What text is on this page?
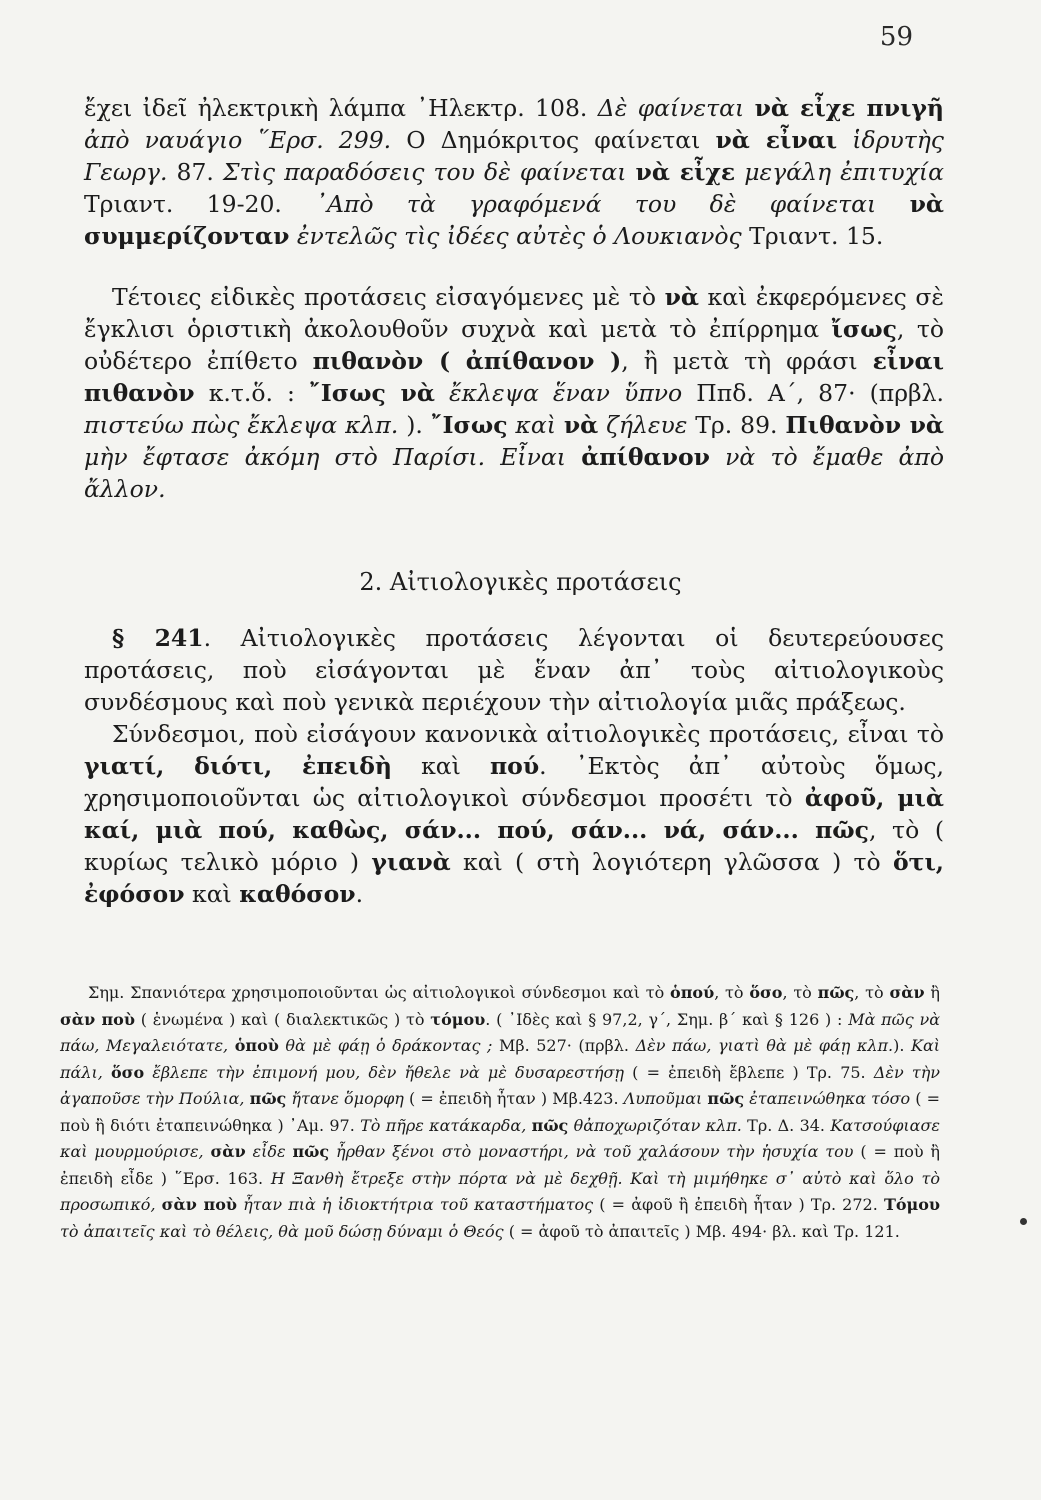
59

ἔχει ἰδεῖ ἠλεκτρικὴ λάμπα ᾿Ηλεκτρ. 108. Δὲ φαίνεται νὰ εἶχε πνιγῆ ἀπὸ ναυάγιο ῞Ερσ. 299. Ο Δημόκριτος φαίνεται νὰ εἶναι ἱδρυτὴς Γεωργ. 87. Στὶς παραδόσεις του δὲ φαίνεται νὰ εἶχε μεγάλη ἐπιτυχία Τριαντ. 19-20. ᾿Απὸ τὰ γραφόμενά του δὲ φαίνεται νὰ συμμερίζονταν ἐντελῶς τὶς ἰδέες αὐτὲς ὁ Λουκιανὸς Τριαντ. 15.

Τέτοιες εἰδικὲς προτάσεις εἰσαγόμενες μὲ τὸ νὰ καὶ ἐκφερόμενες σὲ ἔγκλισι ὁριστικὴ ἀκολουθοῦν συχνὰ καὶ μετὰ τὸ ἐπίρρημα ἴσως, τὸ οὐδέτερο ἐπίθετο πιθανὸν ( ἀπίθανον ), ἢ μετὰ τὴ φράσι εἶναι πιθανὸν κ.τ.ὅ. : ῎Ισως νὰ ἔκλεψα ἕναν ὕπνο Ππδ. Α΄, 87· (πρβλ. πιστεύω πὼς ἔκλεψα κλπ. ). ῎Ισως καὶ νὰ ζήλευε Τρ. 89. Πιθανὸν νὰ μὴν ἔφτασε ἀκόμη στὸ Παρίσι. Εἶναι ἀπίθανον νὰ τὸ ἔμαθε ἀπὸ ἄλλον.

2. Αἰτιολογικὲς προτάσεις

§ 241. Αἰτιολογικὲς προτάσεις λέγονται οἱ δευτερεύουσες προτάσεις, ποὺ εἰσάγονται μὲ ἕναν ἀπ᾿ τοὺς αἰτιολογικοὺς συνδέσμους καὶ ποὺ γενικὰ περιέχουν τὴν αἰτιολογία μιᾶς πράξεως.

Σύνδεσμοι, ποὺ εἰσάγουν κανονικὰ αἰτιολογικὲς προτάσεις, εἶναι τὸ γιατί, διότι, ἐπειδὴ καὶ πού. ᾿Εκτὸς ἀπ᾿ αὐτοὺς ὅμως, χρησιμοποιοῦνται ὡς αἰτιολογικοὶ σύνδεσμοι προσέτι τὸ ἀφοῦ, μιὰ καί, μιὰ πού, καθὼς, σάν... πού, σάν... νά, σάν... πῶς, τὸ ( κυρίως τελικὸ μόριο ) γιανὰ καὶ ( στὴ λογιότερη γλῶσσα ) τὸ ὅτι, ἐφόσον καὶ καθόσον.

Σημ. Σπανιότερα χρησιμοποιοῦνται ὡς αἰτιολογικοὶ σύνδεσμοι καὶ τὸ ὁπού, τὸ ὅσο, τὸ πῶς, τὸ σὰν ἢ σὰν ποὺ ( ἑνωμένα ) καὶ ( διαλεκτικῶς ) τὸ τόμου. ( ᾿Ιδὲς καὶ § 97,2, γ΄, Σημ. β΄ καὶ § 126 ) : Μὰ πῶς νὰ πάω, Μεγαλειότατε, ὁποὺ θὰ μὲ φάῃ ὁ δράκοντας ; Μβ. 527· (πρβλ. Δὲν πάω, γιατὶ θὰ μὲ φάῃ κλπ.). Καὶ πάλι, ὅσο ἔβλεπε τὴν ἐπιμονή μου, δὲν ἤθελε νὰ μὲ δυσαρεστήσῃ ( = ἐπειδὴ ἔβλεπε ) Τρ. 75. Δὲν τὴν ἀγαποῦσε τὴν Πούλια, πῶς ἤτανε ὅμορφη ( = ἐπειδὴ ἦταν ) Μβ.423. Λυποῦμαι πῶς ἐταπεινώθηκα τόσο ( = ποὺ ἢ διότι ἐταπεινώθηκα ) ᾿Αμ. 97. Τὸ πῆρε κατάκαρδα, πῶς θἀποχωριζόταν κλπ. Τρ. Δ. 34. Κατσούφιασε καὶ μουρμούρισε, σὰν εἶδε πῶς ἦρθαν ξένοι στὸ μοναστήρι, νὰ τοῦ χαλάσουν τὴν ἡσυχία του ( = ποὺ ἢ ἐπειδὴ εἶδε ) ῞Ερσ. 163. Η Ξανθὴ ἔτρεξε στὴν πόρτα νὰ μὲ δεχθῇ. Καὶ τὴ μιμήθηκε σ᾿ αὐτὸ καὶ ὅλο τὸ προσωπικό, σὰν ποὺ ἦταν πιὰ ἡ ἰδιοκτήτρια τοῦ καταστήματος ( = ἀφοῦ ἢ ἐπειδὴ ἦταν ) Τρ. 272. Τόμου τὸ ἀπαιτεῖς καὶ τὸ θέλεις, θὰ μοῦ δώσῃ δύναμι ὁ Θεός ( = ἀφοῦ τὸ ἀπαιτεῖς ) Μβ. 494· βλ. καὶ Τρ. 121.
